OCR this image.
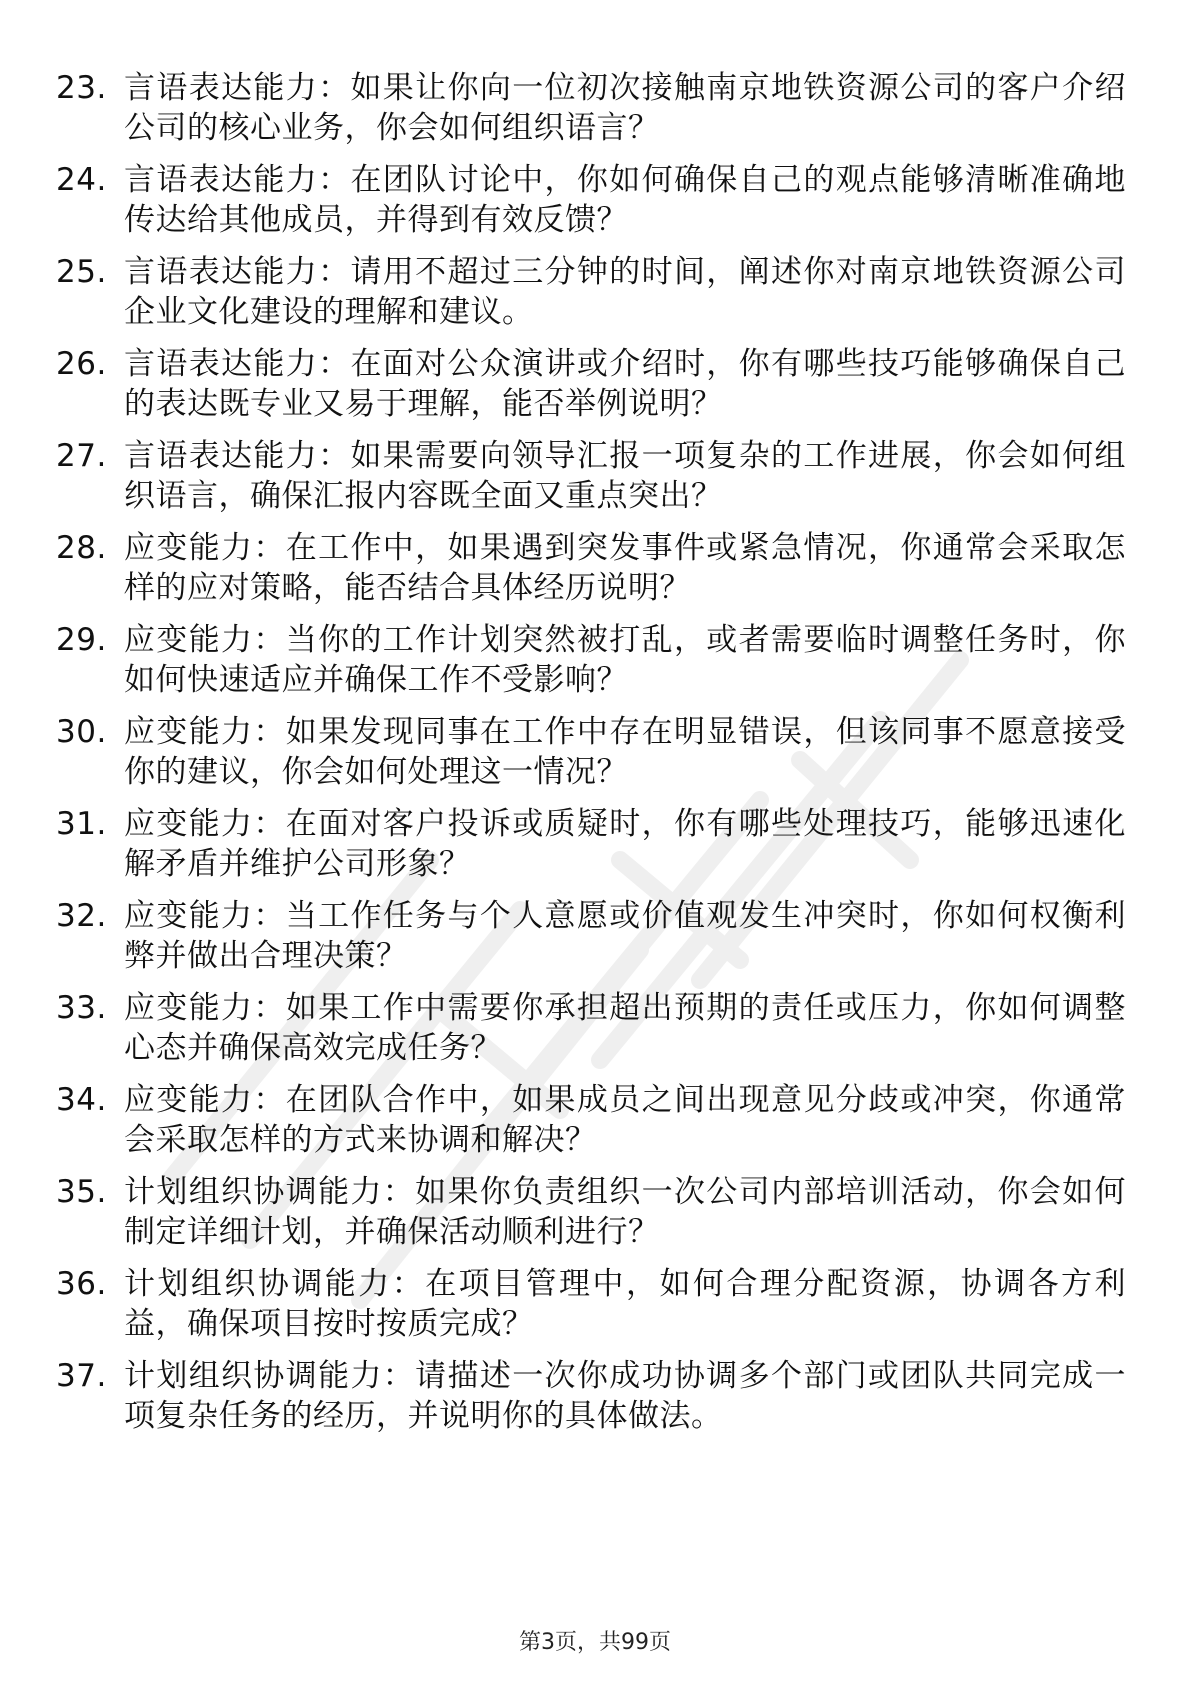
23. 言语表达能力：如果让你向一位初次接触南京地铁资源公司的客户介绍公司的核心业务，你会如何组织语言？
24. 言语表达能力：在团队讨论中，你如何确保自己的观点能够清晰准确地传达给其他成员，并得到有效反馈？
25. 言语表达能力：请用不超过三分钟的时间，阐述你对南京地铁资源公司企业文化建设的理解和建议。
26. 言语表达能力：在面对公众演讲或介绍时，你有哪些技巧能够确保自己的表达既专业又易于理解，能否举例说明？
27. 言语表达能力：如果需要向领导汇报一项复杂的工作进展，你会如何组织语言，确保汇报内容既全面又重点突出？
28. 应变能力：在工作中，如果遇到突发事件或紧急情况，你通常会采取怎样的应对策略，能否结合具体经历说明？
29. 应变能力：当你的工作计划突然被打乱，或者需要临时调整任务时，你如何快速适应并确保工作不受影响？
30. 应变能力：如果发现同事在工作中存在明显错误，但该同事不愿意接受你的建议，你会如何处理这一情况？
31. 应变能力：在面对客户投诉或质疑时，你有哪些处理技巧，能够迅速化解矛盾并维护公司形象？
32. 应变能力：当工作任务与个人意愿或价值观发生冲突时，你如何权衡利弊并做出合理决策？
33. 应变能力：如果工作中需要你承担超出预期的责任或压力，你如何调整心态并确保高效完成任务？
34. 应变能力：在团队合作中，如果成员之间出现意见分歧或冲突，你通常会采取怎样的方式来协调和解决？
35. 计划组织协调能力：如果你负责组织一次公司内部培训活动，你会如何制定详细计划，并确保活动顺利进行？
36. 计划组织协调能力：在项目管理中，如何合理分配资源，协调各方利益，确保项目按时按质完成？
37. 计划组织协调能力：请描述一次你成功协调多个部门或团队共同完成一项复杂任务的经历，并说明你的具体做法。
第3页，共99页
